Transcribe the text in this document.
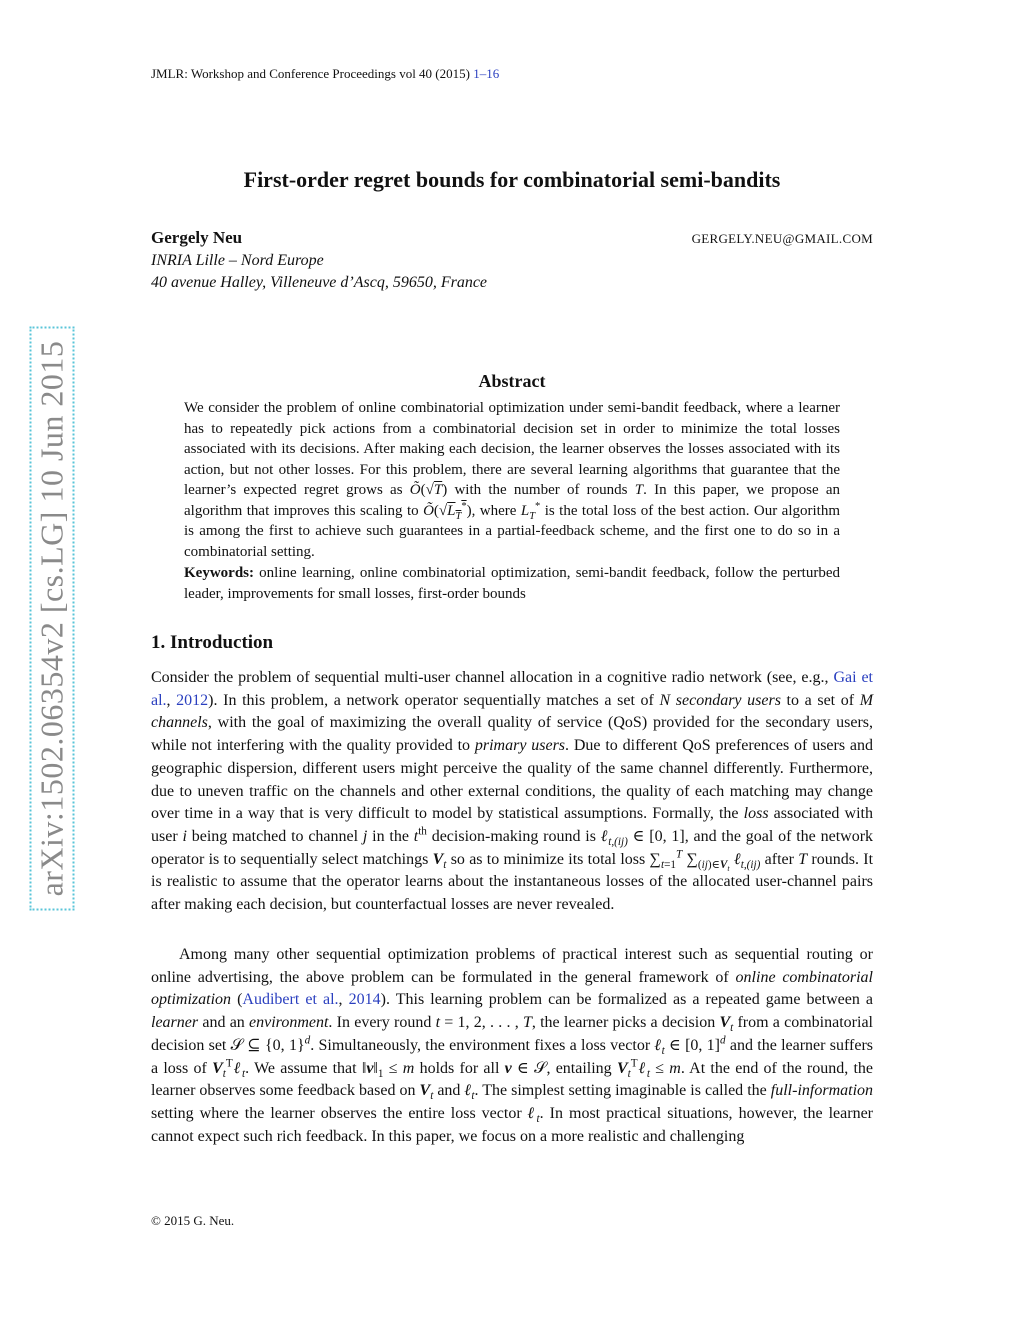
JMLR: Workshop and Conference Proceedings vol 40 (2015) 1–16
First-order regret bounds for combinatorial semi-bandits
Gergely Neu	GERGELY.NEU@GMAIL.COM
INRIA Lille – Nord Europe
40 avenue Halley, Villeneuve d’Ascq, 59650, France
arXiv:1502.06354v2 [cs.LG] 10 Jun 2015	Abstract
We consider the problem of online combinatorial optimization under semi-bandit feedback, where a learner has to repeatedly pick actions from a combinatorial decision set in order to minimize the total losses associated with its decisions. After making each decision, the learner observes the losses associated with its action, but not other losses. For this problem, there are several learning algorithms that guarantee that the learner’s expected regret grows as Õ(√T) with the number of rounds T. In this paper, we propose an algorithm that improves this scaling to $Õ(√L_T^*)$, where $L_T^*$ is the total loss of the best action. Our algorithm is among the first to achieve such guarantees in a partial-feedback scheme, and the first one to do so in a combinatorial setting.
Keywords: online learning, online combinatorial optimization, semi-bandit feedback, follow the perturbed leader, improvements for small losses, first-order bounds
1. Introduction
Consider the problem of sequential multi-user channel allocation in a cognitive radio network (see, e.g., Gai et al., 2012). In this problem, a network operator sequentially matches a set of N secondary users to a set of M channels, with the goal of maximizing the overall quality of service (QoS) provided for the secondary users, while not interfering with the quality provided to primary users. Due to different QoS preferences of users and geographic dispersion, different users might perceive the quality of the same channel differently. Furthermore, due to uneven traffic on the channels and other external conditions, the quality of each matching may change over time in a way that is very difficult to model by statistical assumptions. Formally, the loss associated with user i being matched to channel j in the $t^{th}$ decision-making round is ℓ$_{t,(ij)}$ ∈ [0, 1], and the goal of the network operator is to sequentially select matchings $V_t$ so as to minimize its total loss $\sum_{t=1}^T$ $\sum_{(ij)\in V_t}$ ℓ$_{t,(ij)}$ after T rounds. It is realistic to assume that the operator learns about the instantaneous losses of the allocated user-channel pairs after making each decision, but counterfactual losses are never revealed.
Among many other sequential optimization problems of practical interest such as sequential routing or online advertising, the above problem can be formulated in the general framework of online combinatorial optimization (Audibert et al., 2014). This learning problem can be formalized as a repeated game between a learner and an environment. In every round t = 1, 2, . . . , T, the learner picks a decision $V_t$ from a combinatorial decision set 𝒮 ⊆ {0, 1}$^d$. Simultaneously, the environment fixes a loss vector ℓ$_t$ ∈ [0, 1]$^d$ and the learner suffers a loss of $V_t^T\ell_t$. We assume that $‖v‖_1 \le m$ holds for all v ∈ 𝒮, entailing $V_t^T\ell_t \le m$. At the end of the round, the learner observes some feedback based on $V_t$ and ℓ$_t$. The simplest setting imaginable is called the full-information setting where the learner observes the entire loss vector ℓ$_t$. In most practical situations, however, the learner cannot expect such rich feedback. In this paper, we focus on a more realistic and challenging
© 2015 G. Neu.
